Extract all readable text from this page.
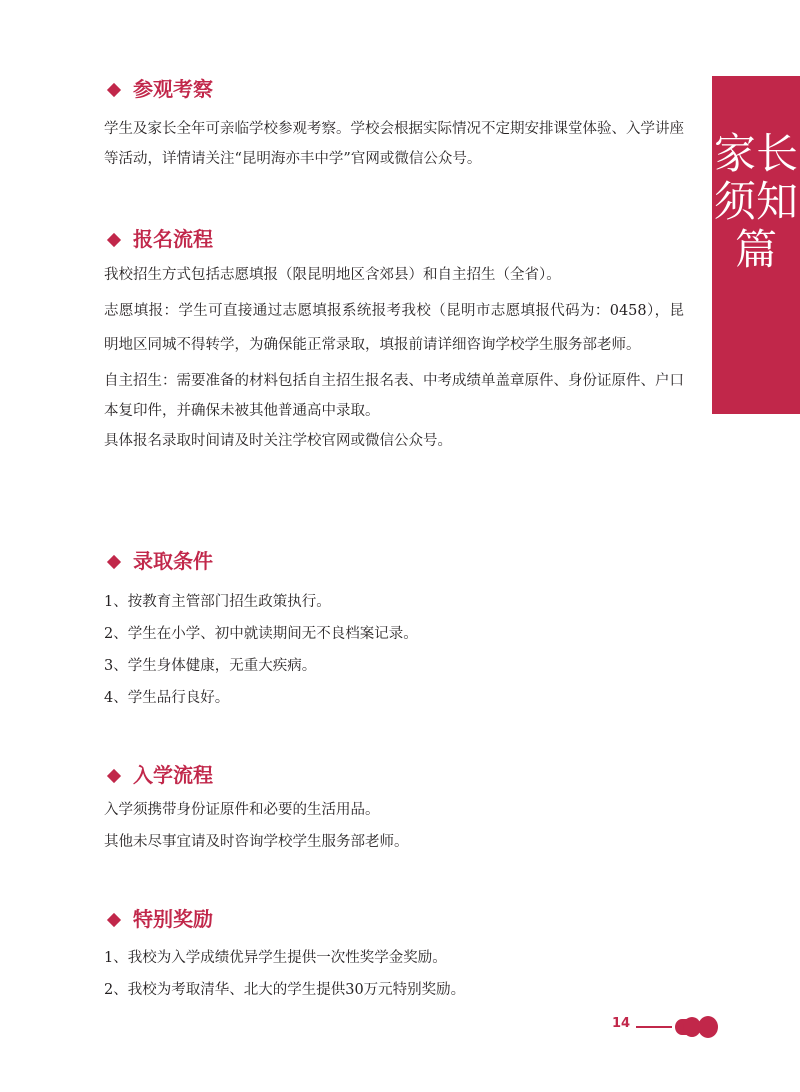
家长须知篇
参观考察

学生及家长全年可亲临学校参观考察。学校会根据实际情况不定期安排课堂体验、入学讲座等活动，详情请关注“昆明海亦丰中学”官网或微信公众号。

报名流程

我校招生方式包括志愿填报（限昆明地区含郊县）和自主招生（全省）。

志愿填报：学生可直接通过志愿填报系统报考我校（昆明市志愿填报代码为：0458），昆明地区同城不得转学，为确保能正常录取，填报前请详细咨询学校学生服务部老师。

自主招生：需要准备的材料包括自主招生报名表、中考成绩单盖章原件、身份证原件、户口本复印件，并确保未被其他普通高中录取。

具体报名录取时间请及时关注学校官网或微信公众号。

录取条件

1、按教育主管部门招生政策执行。

2、学生在小学、初中就读期间无不良档案记录。

3、学生身体健康，无重大疾病。

4、学生品行良好。

入学流程

入学须携带身份证原件和必要的生活用品。

其他未尽事宜请及时咨询学校学生服务部老师。

特别奖励

1、我校为入学成绩优异学生提供一次性奖学金奖励。

2、我校为考取清华、北大的学生提供30万元特别奖励。

14
